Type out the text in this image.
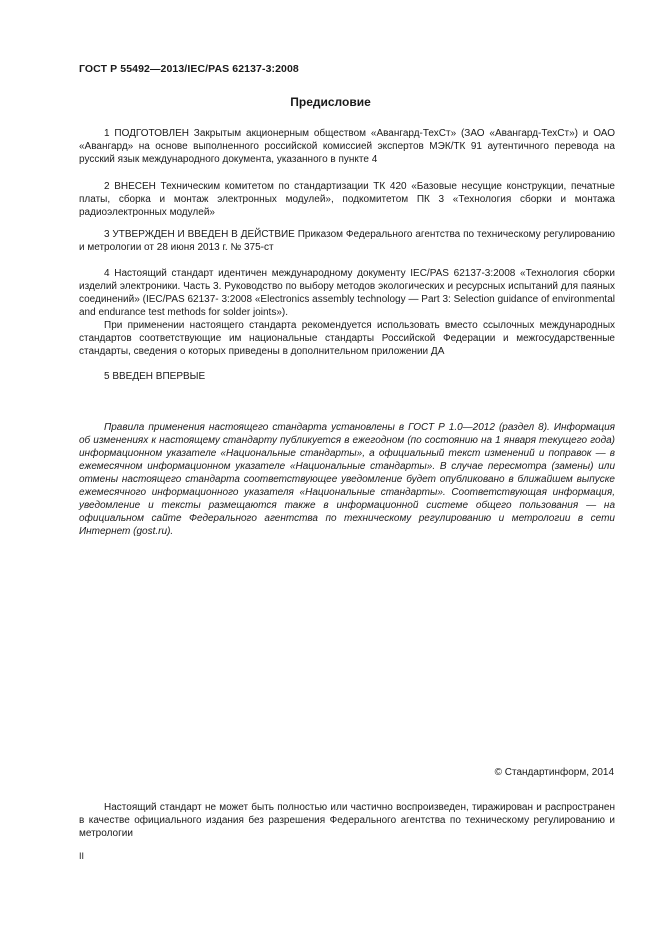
ГОСТ Р 55492—2013/IEC/PAS 62137-3:2008
Предисловие

1 ПОДГОТОВЛЕН Закрытым акционерным обществом «Авангард-ТехСт» (ЗАО «Авангард-ТехСт») и ОАО «Авангард» на основе выполненного российской комиссией экспертов МЭК/ТК 91 аутентичного перевода на русский язык международного документа, указанного в пункте 4

2 ВНЕСЕН Техническим комитетом по стандартизации ТК 420 «Базовые несущие конструкции, печатные платы, сборка и монтаж электронных модулей», подкомитетом ПК 3 «Технология сборки и монтажа радиоэлектронных модулей»

3 УТВЕРЖДЕН И ВВЕДЕН В ДЕЙСТВИЕ Приказом Федерального агентства по техническому регулированию и метрологии от 28 июня 2013 г. № 375-ст

4 Настоящий стандарт идентичен международному документу IEC/PAS 62137-3:2008 «Технология сборки изделий электроники. Часть 3. Руководство по выбору методов экологических и ресурсных испытаний для паяных соединений» (IEC/PAS 62137- 3:2008 «Electronics assembly technology — Part 3: Selection guidance of environmental and endurance test methods for solder joints»).

При применении настоящего стандарта рекомендуется использовать вместо ссылочных международных стандартов соответствующие им национальные стандарты Российской Федерации и межгосударственные стандарты, сведения о которых приведены в дополнительном приложении ДА

5 ВВЕДЕН ВПЕРВЫЕ

Правила применения настоящего стандарта установлены в ГОСТ Р 1.0—2012 (раздел 8). Информация об изменениях к настоящему стандарту публикуется в ежегодном (по состоянию на 1 января текущего года) информационном указателе «Национальные стандарты», а официальный текст изменений и поправок — в ежемесячном информационном указателе «Национальные стандарты». В случае пересмотра (замены) или отмены настоящего стандарта соответствующее уведомление будет опубликовано в ближайшем выпуске ежемесячного информационного указателя «Национальные стандарты». Соответствующая информация, уведомление и тексты размещаются также в информационной системе общего пользования — на официальном сайте Федерального агентства по техническому регулированию и метрологии в сети Интернет (gost.ru).

© Стандартинформ, 2014

Настоящий стандарт не может быть полностью или частично воспроизведен, тиражирован и распространен в качестве официального издания без разрешения Федерального агентства по техническому регулированию и метрологии

II
